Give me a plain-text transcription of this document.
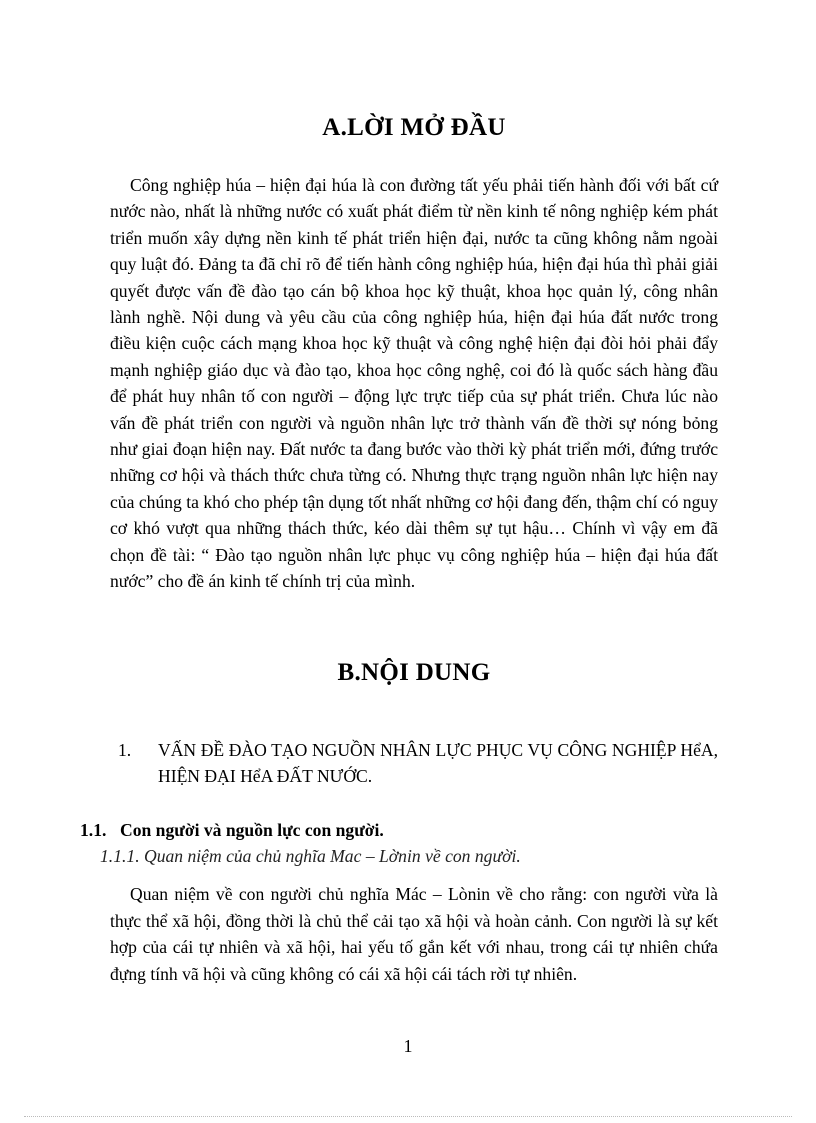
A.LỜI MỞ ĐẦU

Công nghiệp húa – hiện đại húa là con đường tất yếu phải tiến hành đối với bất cứ nước nào, nhất là những nước có xuất phát điểm từ nền kinh tế nông nghiệp kém phát triển muốn xây dựng nền kinh tế phát triển hiện đại, nước ta cũng không nằm ngoài quy luật đó. Đảng ta đã chỉ rõ để tiến hành công nghiệp húa, hiện đại húa thì phải giải quyết được vấn đề đào tạo cán bộ khoa học kỹ thuật, khoa học quản lý, công nhân lành nghề. Nội dung và yêu cầu của công nghiệp húa, hiện đại húa đất nước trong điều kiện cuộc cách mạng khoa học kỹ thuật và công nghệ hiện đại đòi hỏi phải đẩy mạnh nghiệp giáo dục và đào tạo, khoa học công nghệ, coi đó là quốc sách hàng đầu để phát huy nhân tố con người – động lực trực tiếp của sự phát triển. Chưa lúc nào vấn đề phát triển con người và nguồn nhân lực trở thành vấn đề thời sự nóng bỏng như giai đoạn hiện nay. Đất nước ta đang bước vào thời kỳ phát triển mới, đứng trước những cơ hội và thách thức chưa từng có. Nhưng thực trạng nguồn nhân lực hiện nay của chúng ta khó cho phép tận dụng tốt nhất những cơ hội đang đến, thậm chí có nguy cơ khó vượt qua những thách thức, kéo dài thêm sự tụt hậu… Chính vì vậy em đã chọn đề tài: “ Đào tạo nguồn nhân lực phục vụ công nghiệp húa – hiện đại húa đất nước” cho đề án kinh tế chính trị của mình.

B.NỘI DUNG
1.	VẤN ĐỀ ĐÀO TẠO NGUỒN NHÂN LỰC PHỤC VỤ CÔNG NGHIỆP HểA, HIỆN ĐẠI HểA ĐẤT NƯỚC.
1.1. Con người và nguồn lực con người.
1.1.1. Quan niệm của chủ nghĩa Mac – Lờnin về con người.

Quan niệm về con người chủ nghĩa Mác – Lònin về cho rằng: con người vừa là thực thể xã hội, đồng thời là chủ thể cải tạo xã hội và hoàn cảnh. Con người là sự kết hợp của cái tự nhiên và xã hội, hai yếu tố gắn kết với nhau, trong cái tự nhiên chứa đựng tính vã hội và cũng không có cái xã hội cái tách rời tự nhiên.

1
